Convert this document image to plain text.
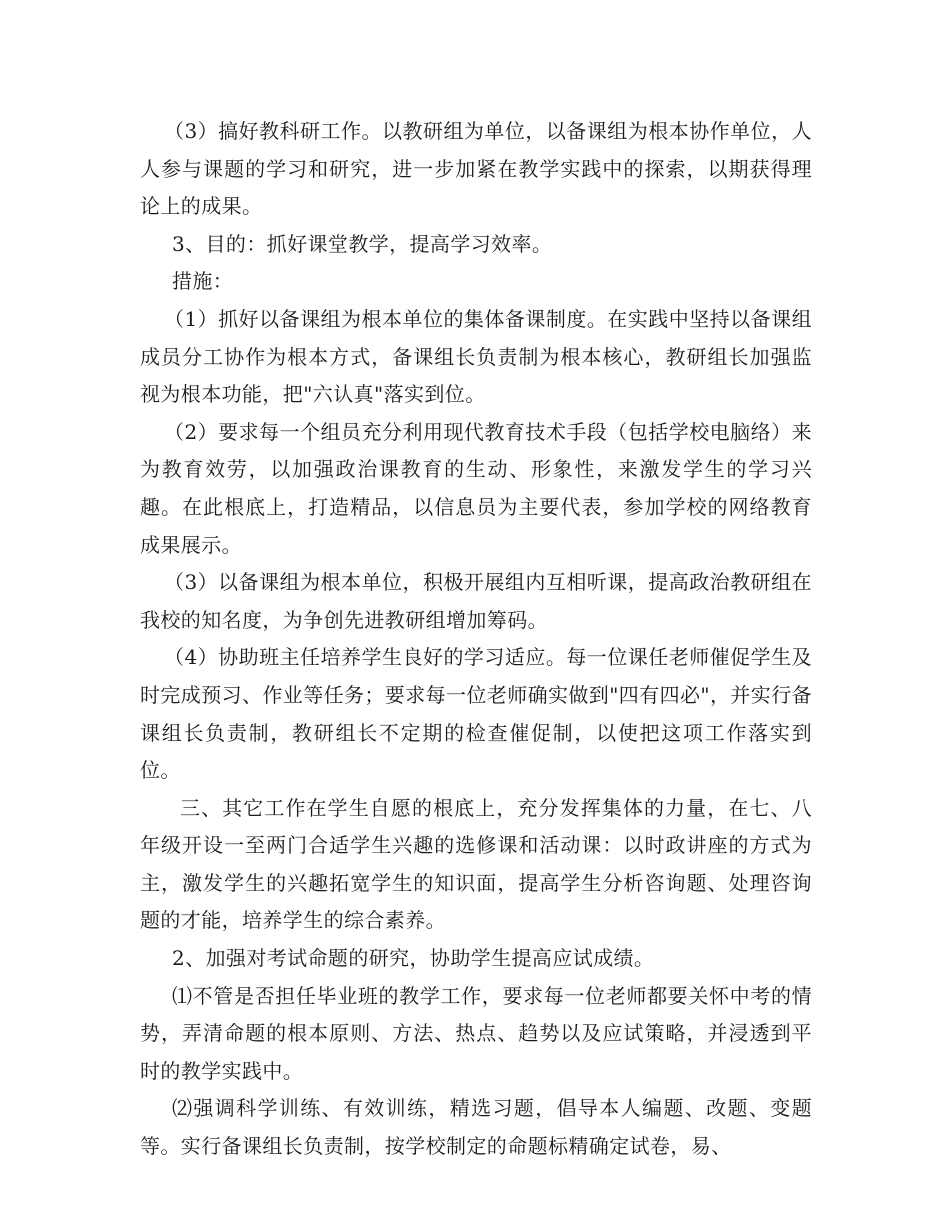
（3）搞好教科研工作。以教研组为单位，以备课组为根本协作单位，人人参与课题的学习和研究，进一步加紧在教学实践中的探索，以期获得理论上的成果。

3、目的：抓好课堂教学，提高学习效率。

措施：

（1）抓好以备课组为根本单位的集体备课制度。在实践中坚持以备课组成员分工协作为根本方式，备课组长负责制为根本核心，教研组长加强监视为根本功能，把"六认真"落实到位。

（2）要求每一个组员充分利用现代教育技术手段（包括学校电脑络）来为教育效劳，以加强政治课教育的生动、形象性，来激发学生的学习兴趣。在此根底上，打造精品，以信息员为主要代表，参加学校的网络教育成果展示。

（3）以备课组为根本单位，积极开展组内互相听课，提高政治教研组在我校的知名度，为争创先进教研组增加筹码。

（4）协助班主任培养学生良好的学习适应。每一位课任老师催促学生及时完成预习、作业等任务；要求每一位老师确实做到"四有四必"，并实行备课组长负责制，教研组长不定期的检查催促制，以使把这项工作落实到位。

三、其它工作在学生自愿的根底上，充分发挥集体的力量，在七、八年级开设一至两门合适学生兴趣的选修课和活动课：以时政讲座的方式为主，激发学生的兴趣拓宽学生的知识面，提高学生分析咨询题、处理咨询题的才能，培养学生的综合素养。

2、加强对考试命题的研究，协助学生提高应试成绩。

⑴不管是否担任毕业班的教学工作，要求每一位老师都要关怀中考的情势，弄清命题的根本原则、方法、热点、趋势以及应试策略，并浸透到平时的教学实践中。

⑵强调科学训练、有效训练，精选习题，倡导本人编题、改题、变题等。实行备课组长负责制，按学校制定的命题标精确定试卷，易、
